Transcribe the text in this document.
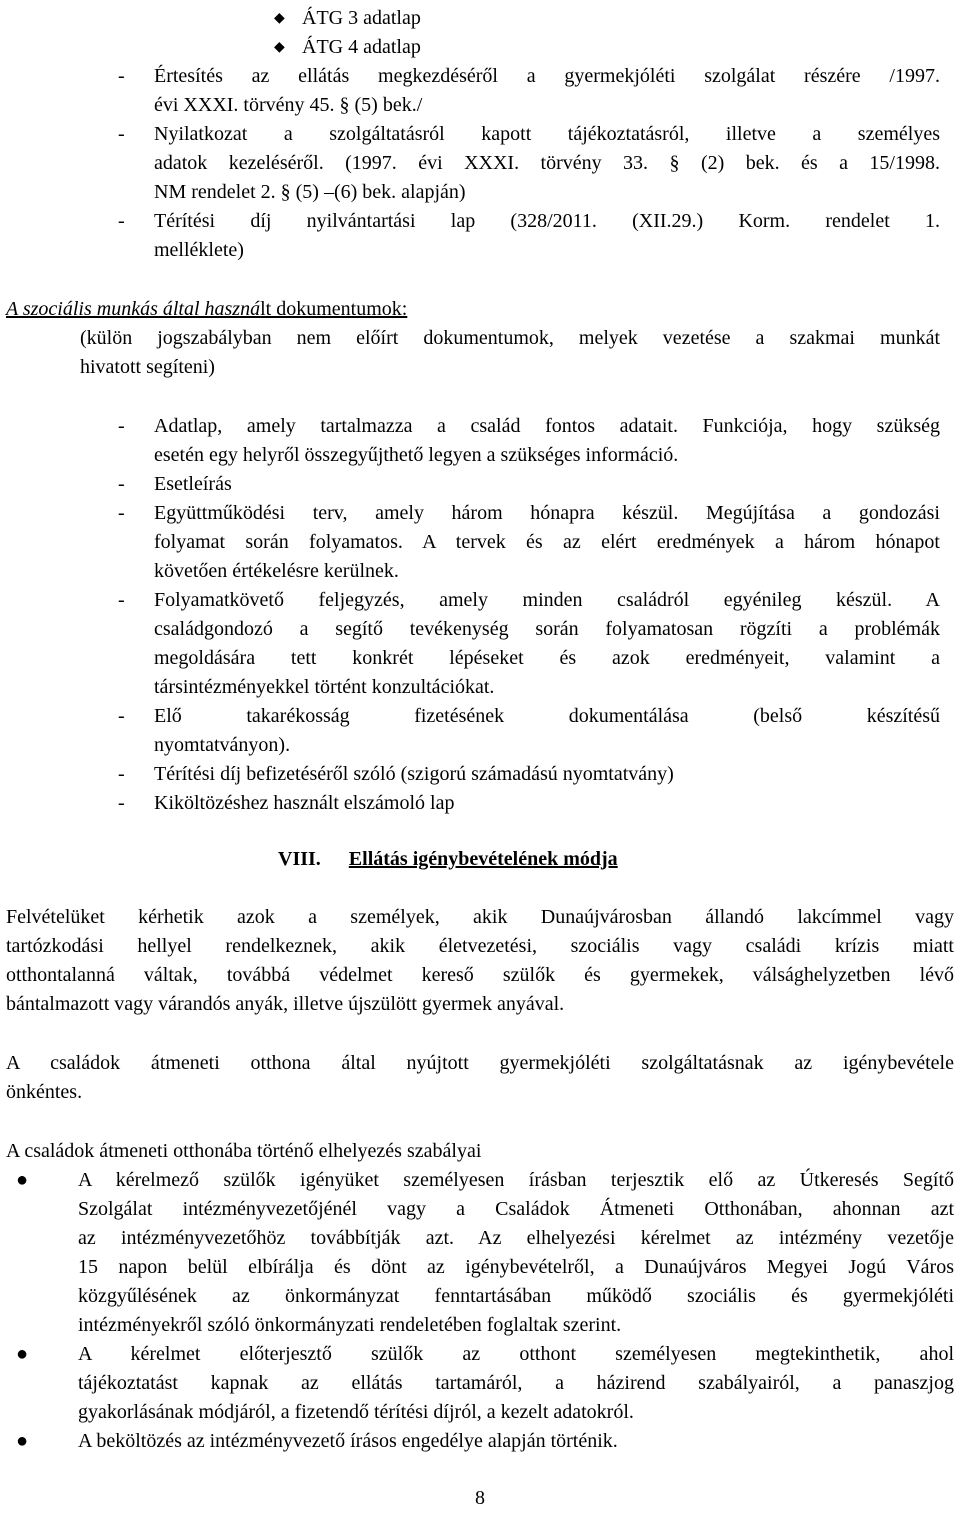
◆ ÁTG 3 adatlap
◆ ÁTG 4 adatlap
- Értesítés az ellátás megkezdéséről a gyermekjóléti szolgálat részére /1997.
évi XXXI. törvény 45. § (5) bek./
- Nyilatkozat a szolgáltatásról kapott tájékoztatásról, illetve a személyes
adatok kezeléséről. (1997. évi XXXI. törvény 33. § (2) bek. és a 15/1998.
NM rendelet 2. § (5) –(6) bek. alapján)
- Térítési díj nyilvántartási lap (328/2011. (XII.29.) Korm. rendelet 1.
melléklete)
A szociális munkás által használt dokumentumok:
(külön jogszabályban nem előírt dokumentumok, melyek vezetése a szakmai munkát
hivatott segíteni)
- Adatlap, amely tartalmazza a család fontos adatait. Funkciója, hogy szükség
esetén egy helyről összegyűjthető legyen a szükséges információ.
- Esetleírás
- Együttműködési terv, amely három hónapra készül. Megújítása a gondozási
folyamat során folyamatos. A tervek és az elért eredmények a három hónapot
követően értékelésre kerülnek.
- Folyamatkövető feljegyzés, amely minden családról egyénileg készül. A
családgondozó a segítő tevékenység során folyamatosan rögzíti a problémák
megoldására tett konkrét lépéseket és azok eredményeit, valamint a
társintézményekkel történt konzultációkat.
- Elő takarékosság fizetésének dokumentálása (belső készítésű
nyomtatványon).
- Térítési díj befizetéséről szóló (szigorú számadású nyomtatvány)
- Kiköltözéshez használt elszámoló lap
VIII. Ellátás igénybevételének módja
Felvételüket kérhetik azok a személyek, akik Dunaújvárosban állandó lakcímmel vagy
tartózkodási hellyel rendelkeznek, akik életvezetési, szociális vagy családi krízis miatt
otthontalanná váltak, továbbá védelmet kereső szülők és gyermekek, válsághelyzetben lévő
bántalmazott vagy várandós anyák, illetve újszülött gyermek anyával.
A családok átmeneti otthona által nyújtott gyermekjóléti szolgáltatásnak az igénybevétele
önkéntes.
A családok átmeneti otthonába történő elhelyezés szabályai
● A kérelmező szülők igényüket személyesen írásban terjesztik elő az Útkeresés Segítő
Szolgálat intézményvezetőjénél vagy a Családok Átmeneti Otthonában, ahonnan azt
az intézményvezetőhöz továbbítják azt. Az elhelyezési kérelmet az intézmény vezetője
15 napon belül elbírálja és dönt az igénybevételről, a Dunaújváros Megyei Jogú Város
közgyűlésének az önkormányzat fenntartásában működő szociális és gyermekjóléti
intézményekről szóló önkormányzati rendeletében foglaltak szerint.
● A kérelmet előterjesztő szülők az otthont személyesen megtekinthetik, ahol
tájékoztatást kapnak az ellátás tartamáról, a házirend szabályairól, a panaszjog
gyakorlásának módjáról, a fizetendő térítési díjról, a kezelt adatokról.
● A beköltözés az intézményvezető írásos engedélye alapján történik.
8
